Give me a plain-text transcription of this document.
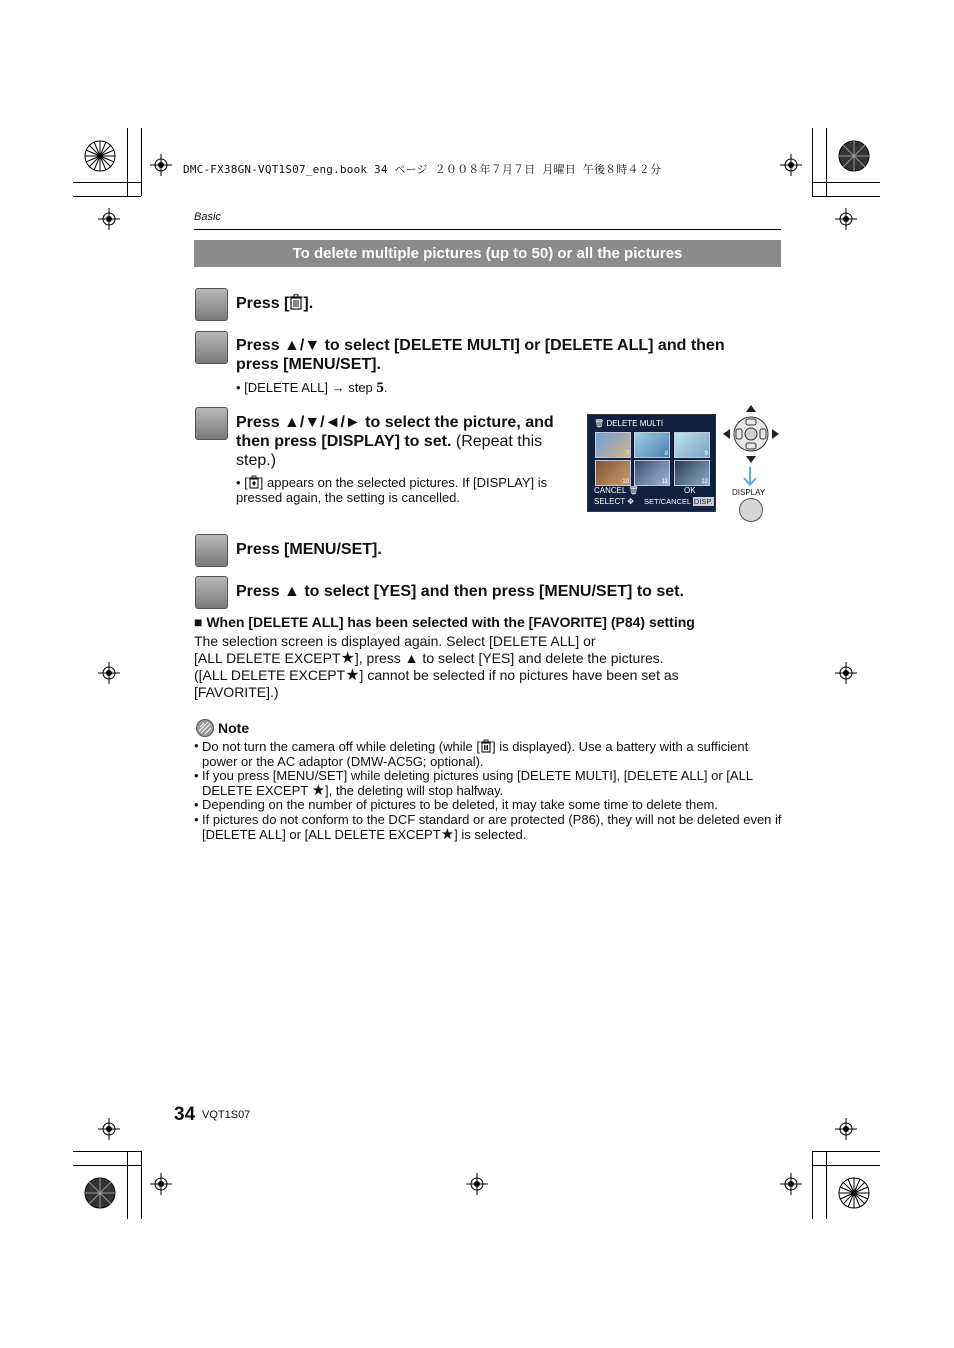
DMC-FX38GN-VQT1S07_eng.book 34 ページ ２００８年７月７日 月曜日 午後８時４２分
Basic
To delete multiple pictures (up to 50) or all the pictures
Press [ ].
Press ▲/▼ to select [DELETE MULTI] or [DELETE ALL] and then press [MENU/SET].
• [DELETE ALL] → step 5.
Press ▲/▼/◄/► to select the picture, and then press [DISPLAY] to set. (Repeat this step.)
• [ ] appears on the selected pictures. If [DISPLAY] is pressed again, the setting is cancelled.
🗑 DELETE MULTI
7	8	9
10	11	12
CANCEL 🗑
SELECT ✥
OK
SET/CANCEL DISP.
DISPLAY
Press [MENU/SET].
Press ▲ to select [YES] and then press [MENU/SET] to set.
■ When [DELETE ALL] has been selected with the [FAVORITE] (P84) setting
The selection screen is displayed again. Select [DELETE ALL] or
[ALL DELETE EXCEPT★], press ▲ to select [YES] and delete the pictures.
([ALL DELETE EXCEPT★] cannot be selected if no pictures have been set as
[FAVORITE].)
Note
• Do not turn the camera off while deleting (while [ ] is displayed). Use a battery with a sufficient power or the AC adaptor (DMW-AC5G; optional).
• If you press [MENU/SET] while deleting pictures using [DELETE MULTI], [DELETE ALL] or [ALL DELETE EXCEPT ★], the deleting will stop halfway.
• Depending on the number of pictures to be deleted, it may take some time to delete them.
• If pictures do not conform to the DCF standard or are protected (P86), they will not be deleted even if [DELETE ALL] or [ALL DELETE EXCEPT★] is selected.
34 VQT1S07
